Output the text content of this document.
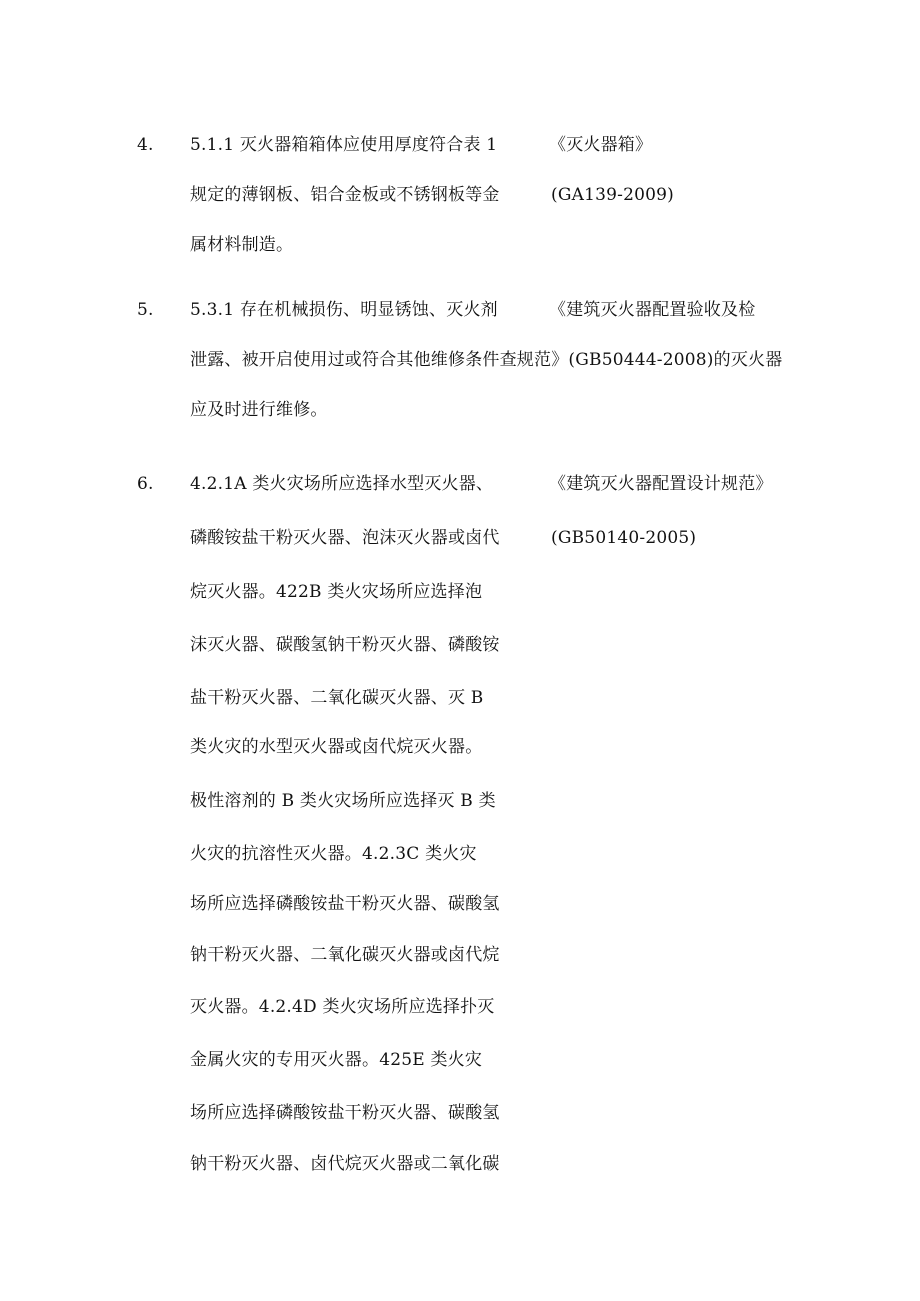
4. 5.1.1 灭火器箱箱体应使用厚度符合表 1
规定的薄钢板、铝合金板或不锈钢板等金
属材料制造。
《灭火器箱》
(GA139-2009)
5. 5.3.1 存在机械损伤、明显锈蚀、灭火剂	《建筑灭火器配置验收及检
泄露、被开启使用过或符合其他维修条件查规范》(GB50444-2008)的灭火器
应及时进行维修。
6.	《建筑灭火器配置设计规范》
(GB50140-2005)
4.2.1A 类火灾场所应选择水型灭火器、
磷酸铵盐干粉灭火器、泡沫灭火器或卤代
烷灭火器。422B 类火灾场所应选择泡
沫灭火器、碳酸氢钠干粉灭火器、磷酸铵
盐干粉灭火器、二氧化碳灭火器、灭 B
类火灾的水型灭火器或卤代烷灭火器。
极性溶剂的 B 类火灾场所应选择灭 B 类
火灾的抗溶性灭火器。4.2.3C 类火灾
场所应选择磷酸铵盐干粉灭火器、碳酸氢
钠干粉灭火器、二氧化碳灭火器或卤代烷
灭火器。4.2.4D 类火灾场所应选择扑灭
金属火灾的专用灭火器。425E 类火灾
场所应选择磷酸铵盐干粉灭火器、碳酸氢
钠干粉灭火器、卤代烷灭火器或二氧化碳
